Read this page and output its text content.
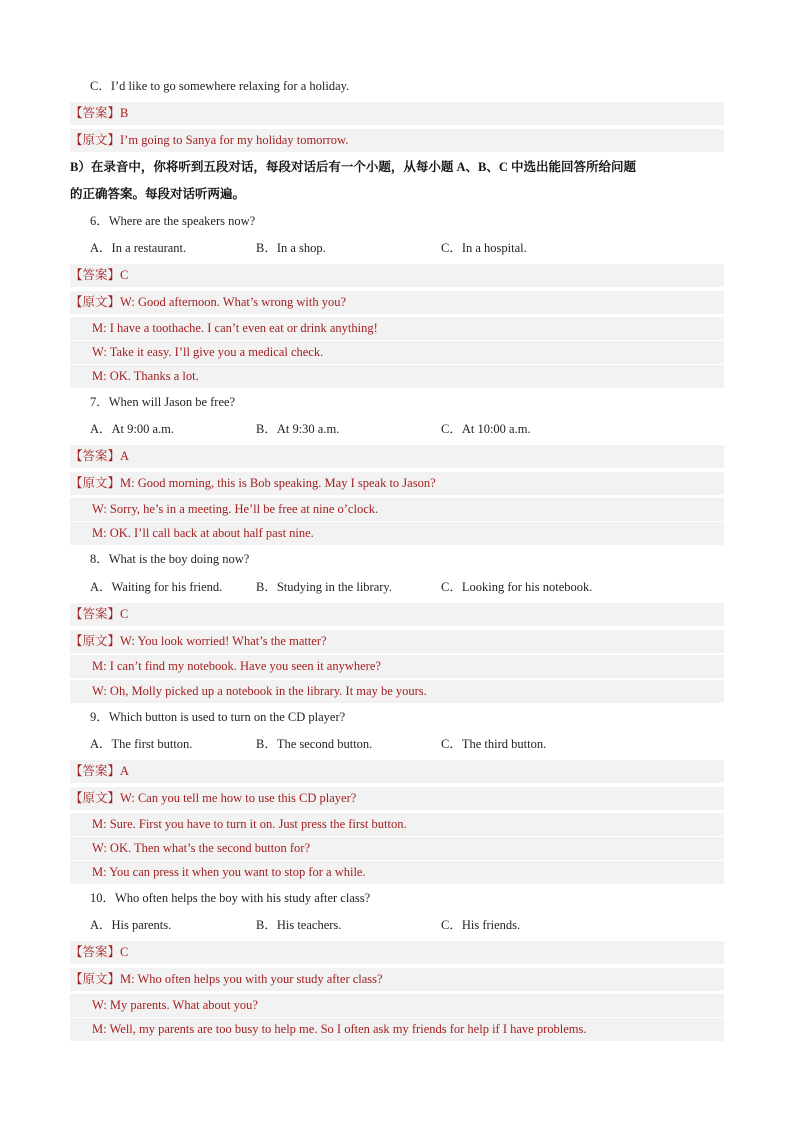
C．I’d like to go somewhere relaxing for a holiday.
【答案】B
【原文】I’m going to Sanya for my holiday tomorrow.
B）在录音中，你将听到五段对话，每段对话后有一个小题，从每小题 A、B、C 中选出能回答所给问题
的正确答案。每段对话听两遍。
6．Where are the speakers now?
A．In a restaurant.	B．In a shop.	C．In a hospital.
【答案】C
【原文】W: Good afternoon. What’s wrong with you?
M: I have a toothache. I can’t even eat or drink anything!
W: Take it easy. I’ll give you a medical check.
M: OK. Thanks a lot.
7．When will Jason be free?
A．At 9:00 a.m.	B．At 9:30 a.m.	C．At 10:00 a.m.
【答案】A
【原文】M: Good morning, this is Bob speaking. May I speak to Jason?
W: Sorry, he’s in a meeting. He’ll be free at nine o’clock.
M: OK. I’ll call back at about half past nine.
8．What is the boy doing now?
A．Waiting for his friend.	B．Studying in the library.	C．Looking for his notebook.
【答案】C
【原文】W: You look worried! What’s the matter?
M: I can’t find my notebook. Have you seen it anywhere?
W: Oh, Molly picked up a notebook in the library. It may be yours.
9．Which button is used to turn on the CD player?
A．The first button.	B．The second button.	C．The third button.
【答案】A
【原文】W: Can you tell me how to use this CD player?
M: Sure. First you have to turn it on. Just press the first button.
W: OK. Then what’s the second button for?
M: You can press it when you want to stop for a while.
10．Who often helps the boy with his study after class?
A．His parents.	B．His teachers.	C．His friends.
【答案】C
【原文】M: Who often helps you with your study after class?
W: My parents. What about you?
M: Well, my parents are too busy to help me. So I often ask my friends for help if I have problems.
